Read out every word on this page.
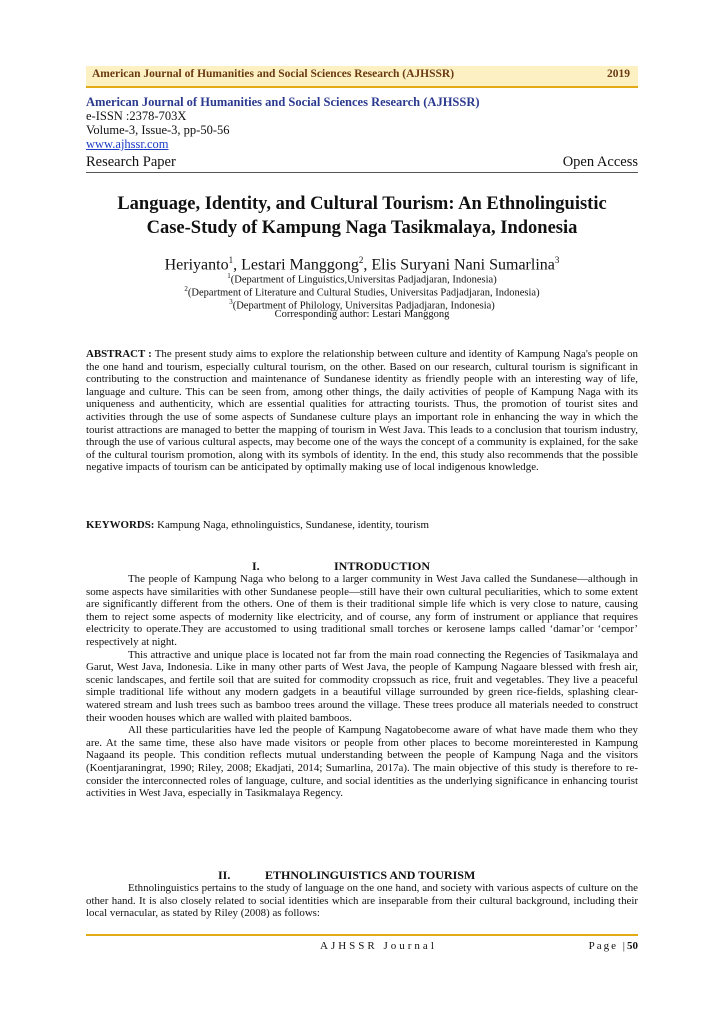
American Journal of Humanities and Social Sciences Research (AJHSSR)	2019
American Journal of Humanities and Social Sciences Research (AJHSSR)
e-ISSN :2378-703X
Volume-3, Issue-3, pp-50-56
www.ajhssr.com
Research Paper	Open Access
Language, Identity, and Cultural Tourism: An Ethnolinguistic
Case-Study of Kampung Naga Tasikmalaya, Indonesia
Heriyanto$^1$, Lestari Manggong$^2$, Elis Suryani Nani Sumarlina$^3$
$^1$(Department of Linguistics,Universitas Padjadjaran, Indonesia)
$^2$(Department of Literature and Cultural Studies, Universitas Padjadjaran, Indonesia)
$^3$(Department of Philology, Universitas Padjadjaran, Indonesia)
Corresponding author: Lestari Manggong
ABSTRACT : The present study aims to explore the relationship between culture and identity of Kampung Naga's people on the one hand and tourism, especially cultural tourism, on the other. Based on our research, cultural tourism is significant in contributing to the construction and maintenance of Sundanese identity as friendly people with an interesting way of life, language and culture. This can be seen from, among other things, the daily activities of people of Kampung Naga with its uniqueness and authenticity, which are essential qualities for attracting tourists. Thus, the promotion of tourist sites and activities through the use of some aspects of Sundanese culture plays an important role in enhancing the way in which the tourist attractions are managed to better the mapping of tourism in West Java. This leads to a conclusion that tourism industry, through the use of various cultural aspects, may become one of the ways the concept of a community is explained, for the sake of the cultural tourism promotion, along with its symbols of identity. In the end, this study also recommends that the possible negative impacts of tourism can be anticipated by optimally making use of local indigenous knowledge.
KEYWORDS: Kampung Naga, ethnolinguistics, Sundanese, identity, tourism
I.	INTRODUCTION

The people of Kampung Naga who belong to a larger community in West Java called the Sundanese—although in some aspects have similarities with other Sundanese people—still have their own cultural peculiarities, which to some extent are significantly different from the others. One of them is their traditional simple life which is very close to nature, causing them to reject some aspects of modernity like electricity, and of course, any form of instrument or appliance that requires electricity to operate.They are accustomed to using traditional small torches or kerosene lamps called ‘damar’or ‘cempor’ respectively at night.

This attractive and unique place is located not far from the main road connecting the Regencies of Tasikmalaya and Garut, West Java, Indonesia. Like in many other parts of West Java, the people of Kampung Nagaare blessed with fresh air, scenic landscapes, and fertile soil that are suited for commodity cropssuch as rice, fruit and vegetables. They live a peaceful simple traditional life without any modern gadgets in a beautiful village surrounded by green rice-fields, splashing clear-watered stream and lush trees such as bamboo trees around the village. These trees produce all materials needed to construct their wooden houses which are walled with plaited bamboos.

All these particularities have led the people of Kampung Nagatobecome aware of what have made them who they are. At the same time, these also have made visitors or people from other places to become moreinterested in Kampung Nagaand its people. This condition reflects mutual understanding between the people of Kampung Naga and the visitors (Koentjaraningrat, 1990; Riley, 2008; Ekadjati, 2014; Sumarlina, 2017a). The main objective of this study is therefore to re-consider the interconnected roles of language, culture, and social identities as the underlying significance in enhancing tourist activities in West Java, especially in Tasikmalaya Regency.

II.	ETHNOLINGUISTICS AND TOURISM

Ethnolinguistics pertains to the study of language on the one hand, and society with various aspects of culture on the other hand. It is also closely related to social identities which are inseparable from their cultural background, including their local vernacular, as stated by Riley (2008) as follows:

AJHSSR Journal	Page |50
